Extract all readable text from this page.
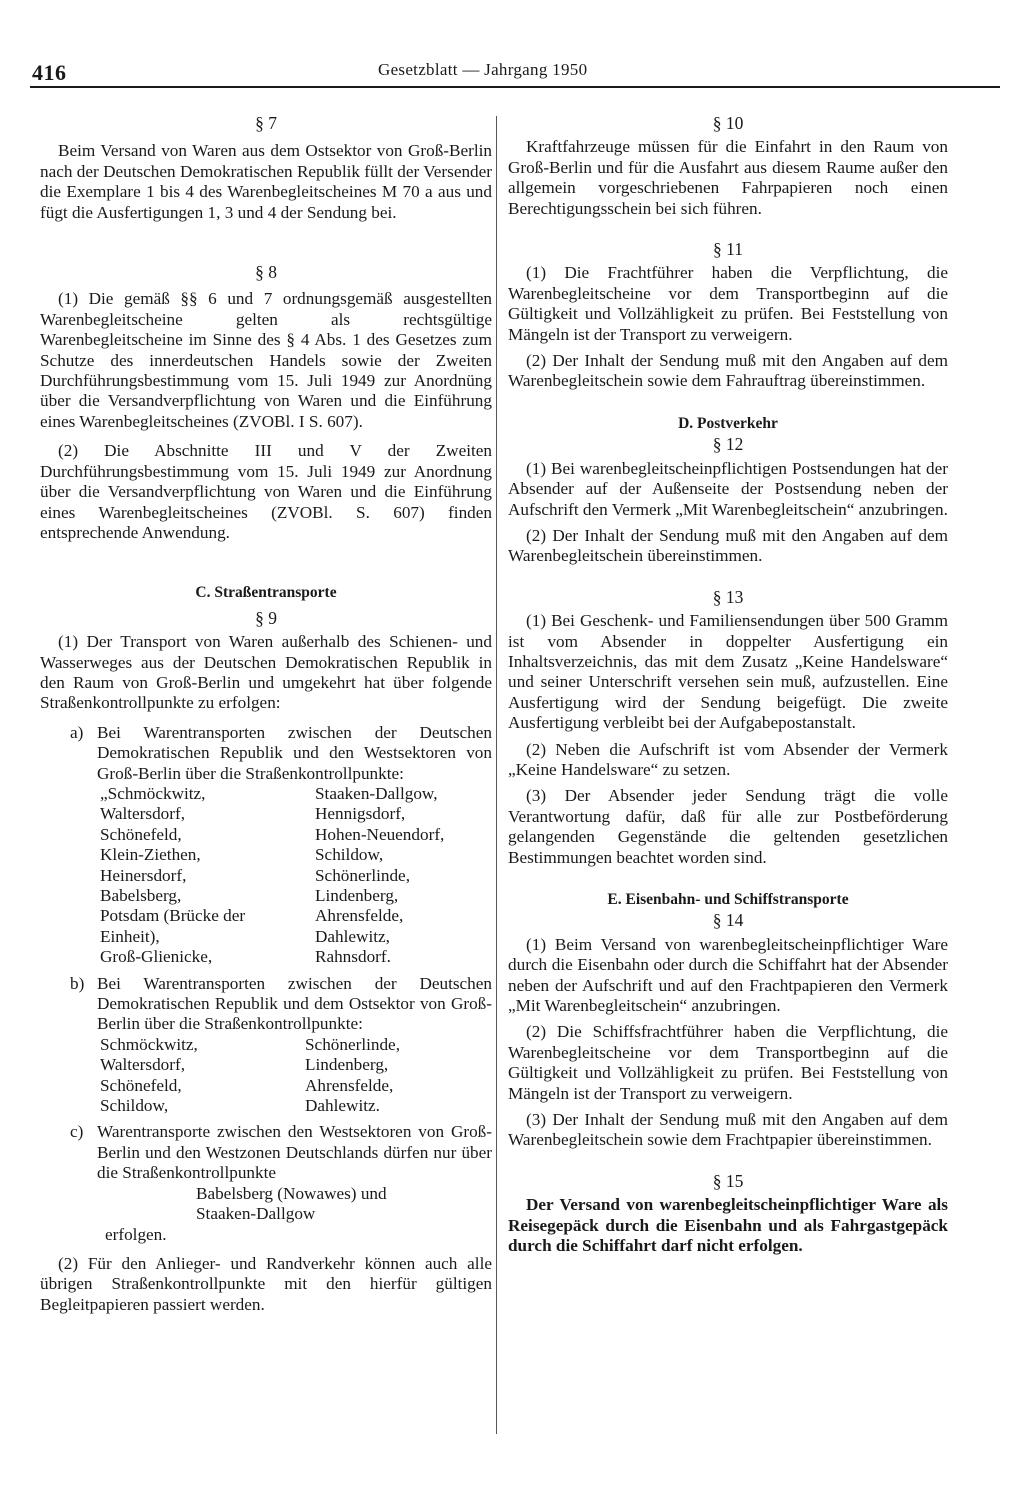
416	Gesetzblatt — Jahrgang 1950
§ 7

Beim Versand von Waren aus dem Ostsektor von Groß-Berlin nach der Deutschen Demokratischen Republik füllt der Versender die Exemplare 1 bis 4 des Warenbegleitscheines M 70 a aus und fügt die Ausfertigungen 1, 3 und 4 der Sendung bei.

§ 8

(1) Die gemäß §§ 6 und 7 ordnungsgemäß ausgestellten Warenbegleitscheine gelten als rechtsgültige Warenbegleitscheine im Sinne des § 4 Abs. 1 des Gesetzes zum Schutze des innerdeutschen Handels sowie der Zweiten Durchführungsbestimmung vom 15. Juli 1949 zur Anordnüng über die Versandverpflichtung von Waren und die Einführung eines Warenbegleitscheines (ZVOBl. I S. 607).

(2) Die Abschnitte III und V der Zweiten Durchführungsbestimmung vom 15. Juli 1949 zur Anordnung über die Versandverpflichtung von Waren und die Einführung eines Warenbegleitscheines (ZVOBl. S. 607) finden entsprechende Anwendung.

C. Straßentransporte
§ 9

(1) Der Transport von Waren außerhalb des Schienen- und Wasserweges aus der Deutschen Demokratischen Republik in den Raum von Groß-Berlin und umgekehrt hat über folgende Straßenkontrollpunkte zu erfolgen:

a) Bei Warentransporten zwischen der Deutschen Demokratischen Republik und den Westsektoren von Groß-Berlin über die Straßenkontrollpunkte:

„Schmöckwitz,
Waltersdorf,
Schönefeld,
Klein-Ziethen,
Heinersdorf,
Babelsberg,
Potsdam (Brücke der
Einheit),
Groß-Glienicke,
Staaken-Dallgow,
Hennigsdorf,
Hohen-Neuendorf,
Schildow,
Schönerlinde,
Lindenberg,
Ahrensfelde,
Dahlewitz,
Rahnsdorf.
b) Bei Warentransporten zwischen der Deutschen Demokratischen Republik und dem Ostsektor von Groß-Berlin über die Straßenkontrollpunkte:

Schmöckwitz,
Waltersdorf,
Schönefeld,
Schildow,
Schönerlinde,
Lindenberg,
Ahrensfelde,
Dahlewitz.
c) Warentransporte zwischen den Westsektoren von Groß-Berlin und den Westzonen Deutschlands dürfen nur über die Straßenkontrollpunkte

Babelsberg (Nowawes) und
Staaken-Dallgow

erfolgen.

(2) Für den Anlieger- und Randverkehr können auch alle übrigen Straßenkontrollpunkte mit den hierfür gültigen Begleitpapieren passiert werden.

§ 10

Kraftfahrzeuge müssen für die Einfahrt in den Raum von Groß-Berlin und für die Ausfahrt aus diesem Raume außer den allgemein vorgeschriebenen Fahrpapieren noch einen Berechtigungsschein bei sich führen.

§ 11

(1) Die Frachtführer haben die Verpflichtung, die Warenbegleitscheine vor dem Transportbeginn auf die Gültigkeit und Vollzähligkeit zu prüfen. Bei Feststellung von Mängeln ist der Transport zu verweigern.

(2) Der Inhalt der Sendung muß mit den Angaben auf dem Warenbegleitschein sowie dem Fahrauftrag übereinstimmen.

D. Postverkehr
§ 12

(1) Bei warenbegleitscheinpflichtigen Postsendungen hat der Absender auf der Außenseite der Postsendung neben der Aufschrift den Vermerk „Mit Warenbegleitschein“ anzubringen.

(2) Der Inhalt der Sendung muß mit den Angaben auf dem Warenbegleitschein übereinstimmen.

§ 13

(1) Bei Geschenk- und Familiensendungen über 500 Gramm ist vom Absender in doppelter Ausfertigung ein Inhaltsverzeichnis, das mit dem Zusatz „Keine Handelsware“ und seiner Unterschrift versehen sein muß, aufzustellen. Eine Ausfertigung wird der Sendung beigefügt. Die zweite Ausfertigung verbleibt bei der Aufgabepostanstalt.

(2) Neben die Aufschrift ist vom Absender der Vermerk „Keine Handelsware“ zu setzen.

(3) Der Absender jeder Sendung trägt die volle Verantwortung dafür, daß für alle zur Postbeförderung gelangenden Gegenstände die geltenden gesetzlichen Bestimmungen beachtet worden sind.

E. Eisenbahn- und Schiffstransporte
§ 14

(1) Beim Versand von warenbegleitscheinpflichtiger Ware durch die Eisenbahn oder durch die Schiffahrt hat der Absender neben der Aufschrift und auf den Frachtpapieren den Vermerk „Mit Warenbegleitschein“ anzubringen.

(2) Die Schiffsfrachtführer haben die Verpflichtung, die Warenbegleitscheine vor dem Transportbeginn auf die Gültigkeit und Vollzähligkeit zu prüfen. Bei Feststellung von Mängeln ist der Transport zu verweigern.

(3) Der Inhalt der Sendung muß mit den Angaben auf dem Warenbegleitschein sowie dem Frachtpapier übereinstimmen.

§ 15

Der Versand von warenbegleitscheinpflichtiger Ware als Reisegepäck durch die Eisenbahn und als Fahrgastgepäck durch die Schiffahrt darf nicht erfolgen.
